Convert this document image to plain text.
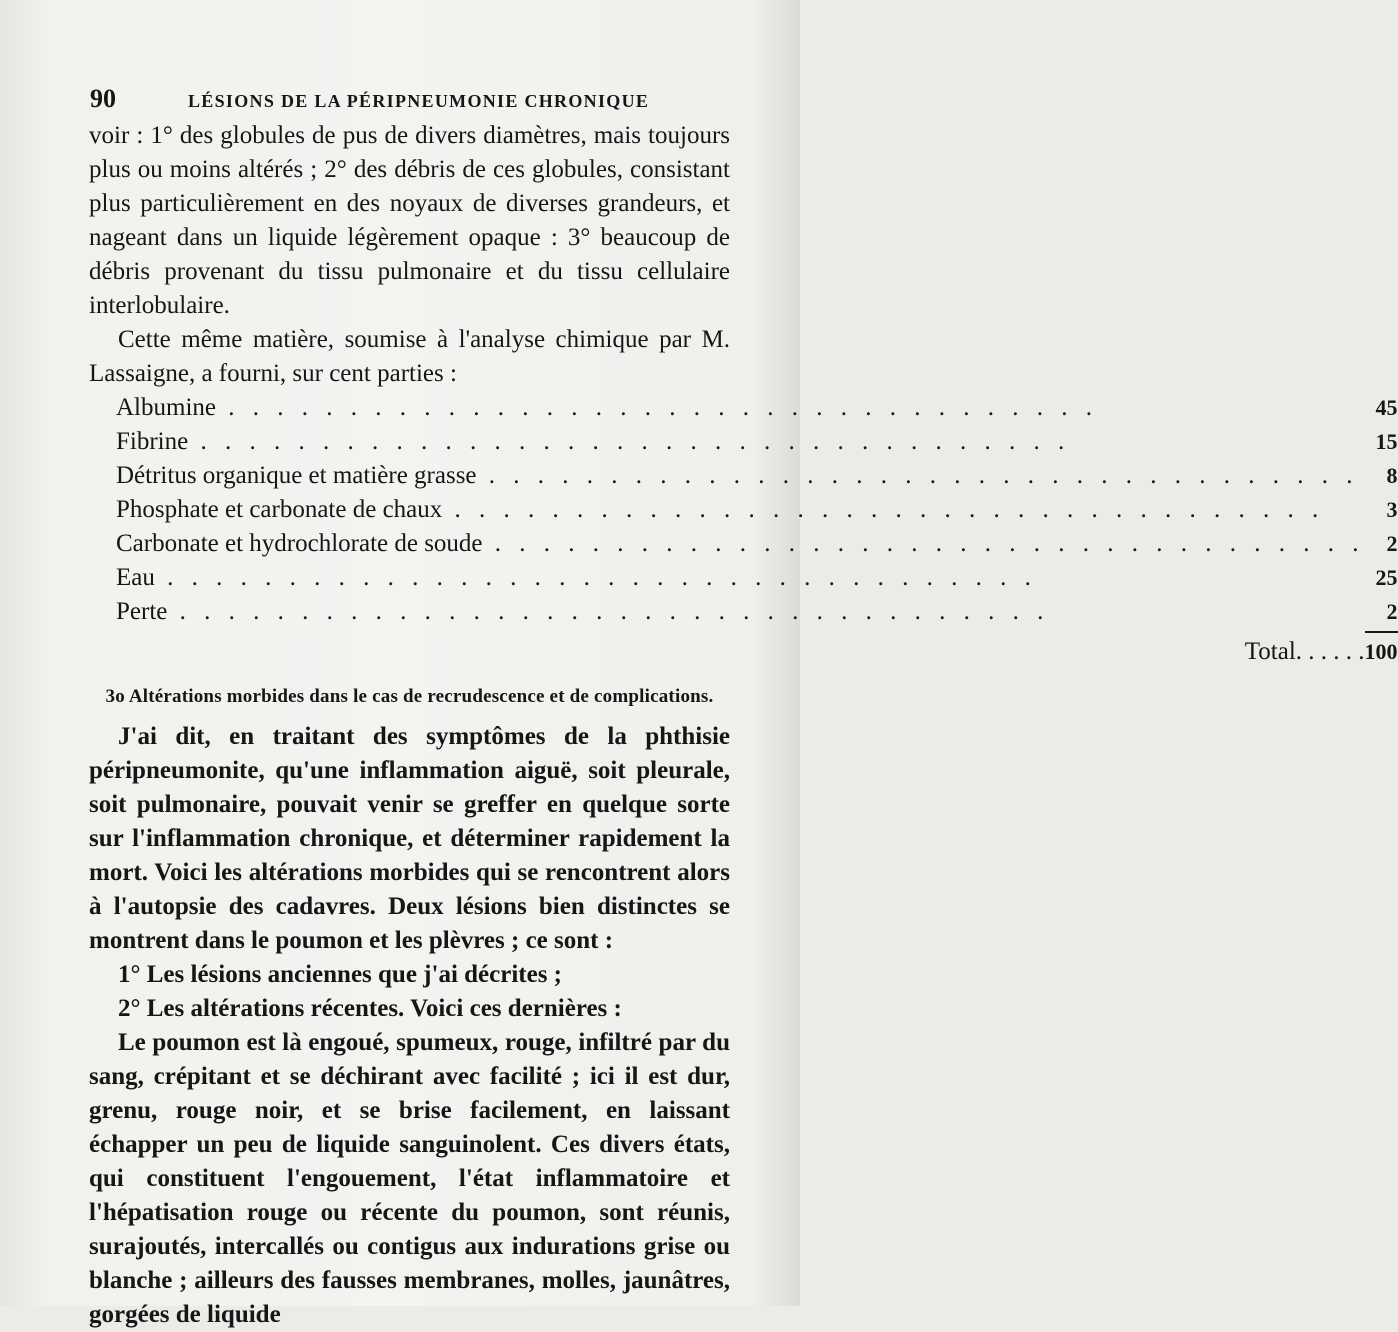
90	LÉSIONS DE LA PÉRIPNEUMONIE CHRONIQUE

voir : 1° des globules de pus de divers diamètres, mais toujours plus ou moins altérés ; 2° des débris de ces globules, consistant plus particulièrement en des noyaux de diverses grandeurs, et nageant dans un liquide légèrement opaque : 3° beaucoup de débris provenant du tissu pulmonaire et du tissu cellulaire interlobulaire.

Cette même matière, soumise à l'analyse chimique par M. Lassaigne, a fourni, sur cent parties :

Albumine . . .	45
Fibrine . . .	15
Détritus organique et matière grasse . . .	8
Phosphate et carbonate de chaux . . .	3
Carbonate et hydrochlorate de soude . . .	2
Eau . . .	25
Perte . . .	2
Total. . . . . .	100
3o Altérations morbides dans le cas de recrudescence et de complications.

J'ai dit, en traitant des symptômes de la phthisie péripneumonite, qu'une inflammation aiguë, soit pleurale, soit pulmonaire, pouvait venir se greffer en quelque sorte sur l'inflammation chronique, et déterminer rapidement la mort. Voici les altérations morbides qui se rencontrent alors à l'autopsie des cadavres. Deux lésions bien distinctes se montrent dans le poumon et les plèvres ; ce sont :

1° Les lésions anciennes que j'ai décrites ;

2° Les altérations récentes. Voici ces dernières :

Le poumon est là engoué, spumeux, rouge, infiltré par du sang, crépitant et se déchirant avec facilité ; ici il est dur, grenu, rouge noir, et se brise facilement, en laissant échapper un peu de liquide sanguinolent. Ces divers états, qui constituent l'engouement, l'état inflammatoire et l'hépatisation rouge ou récente du poumon, sont réunis, surajoutés, intercallés ou contigus aux indurations grise ou blanche ; ailleurs des fausses membranes, molles, jaunâtres, gorgées de liquide
